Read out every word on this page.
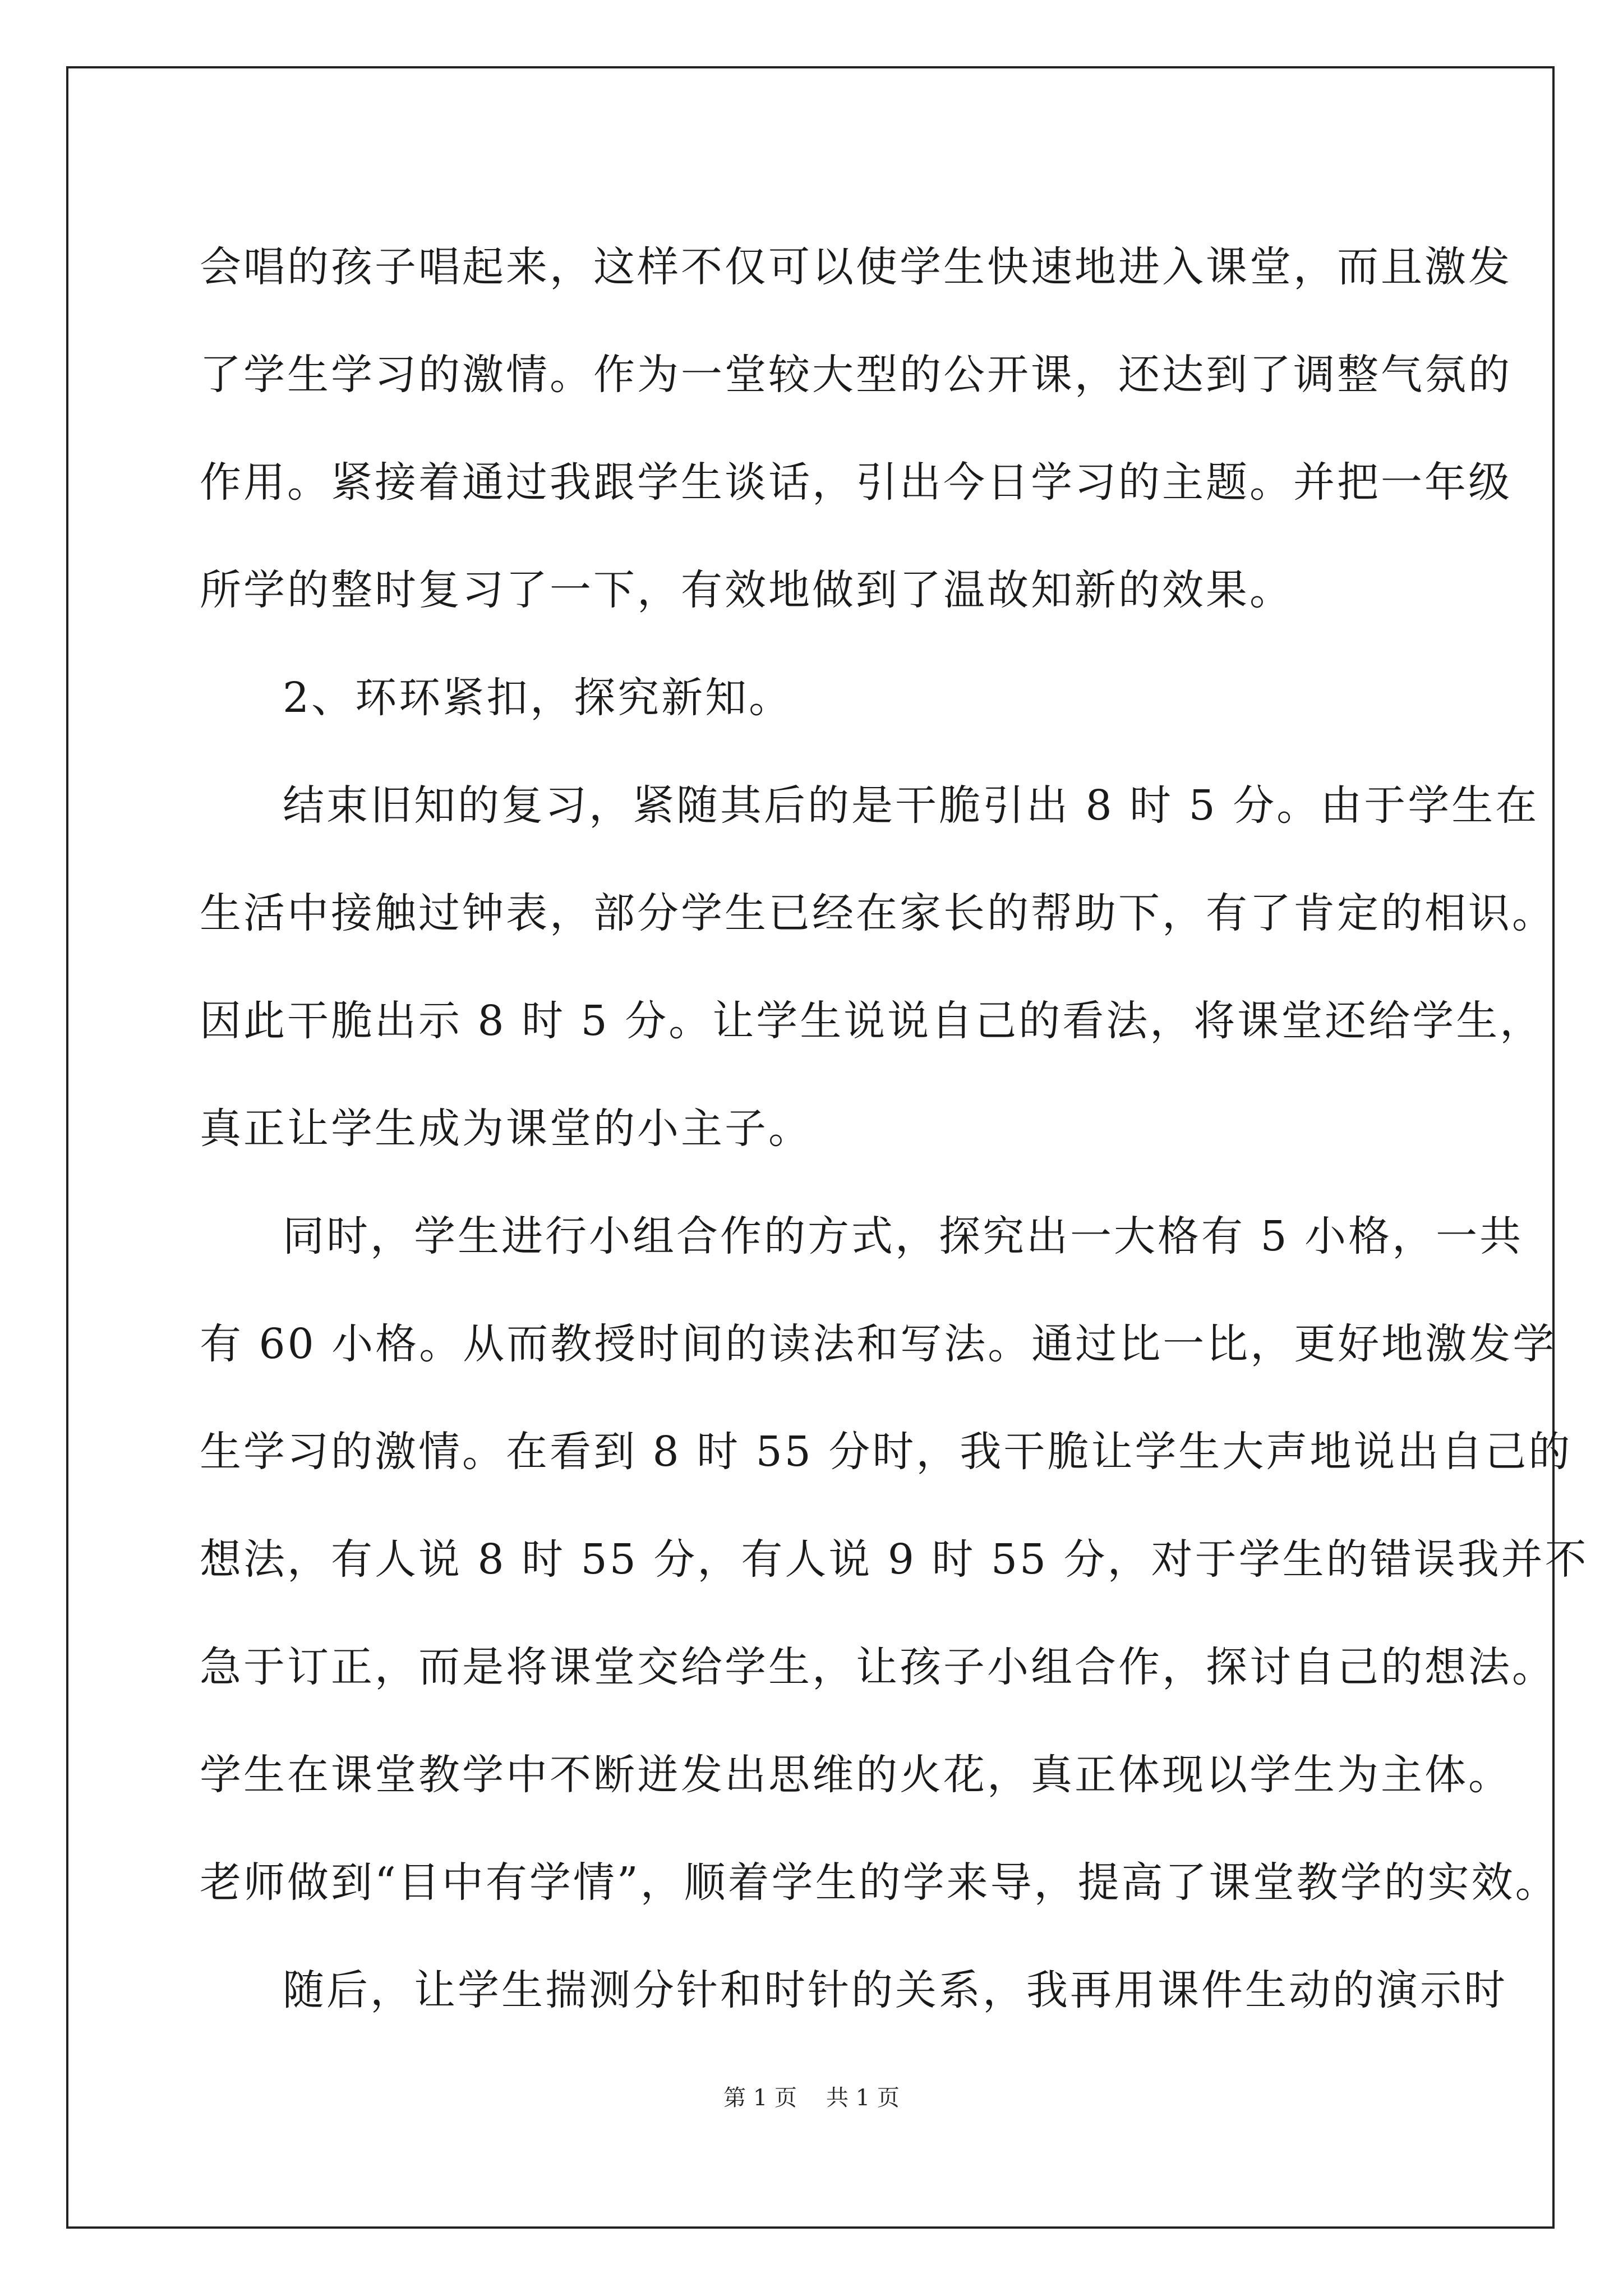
会唱的孩子唱起来，这样不仅可以使学生快速地进入课堂，而且激发
了学生学习的激情。作为一堂较大型的公开课，还达到了调整气氛的
作用。紧接着通过我跟学生谈话，引出今日学习的主题。并把一年级
所学的整时复习了一下，有效地做到了温故知新的效果。
2、环环紧扣，探究新知。
结束旧知的复习，紧随其后的是干脆引出 8 时 5 分。由于学生在
生活中接触过钟表，部分学生已经在家长的帮助下，有了肯定的相识。
因此干脆出示 8 时 5 分。让学生说说自己的看法，将课堂还给学生，
真正让学生成为课堂的小主子。
同时，学生进行小组合作的方式，探究出一大格有 5 小格，一共
有 60 小格。从而教授时间的读法和写法。通过比一比，更好地激发学
生学习的激情。在看到 8 时 55 分时，我干脆让学生大声地说出自己的
想法，有人说 8 时 55 分，有人说 9 时 55 分，对于学生的错误我并不
急于订正，而是将课堂交给学生，让孩子小组合作，探讨自己的想法。
学生在课堂教学中不断迸发出思维的火花，真正体现以学生为主体。
老师做到“目中有学情”，顺着学生的学来导，提高了课堂教学的实效。
随后，让学生揣测分针和时针的关系，我再用课件生动的演示时
第 1 页 共 1 页
